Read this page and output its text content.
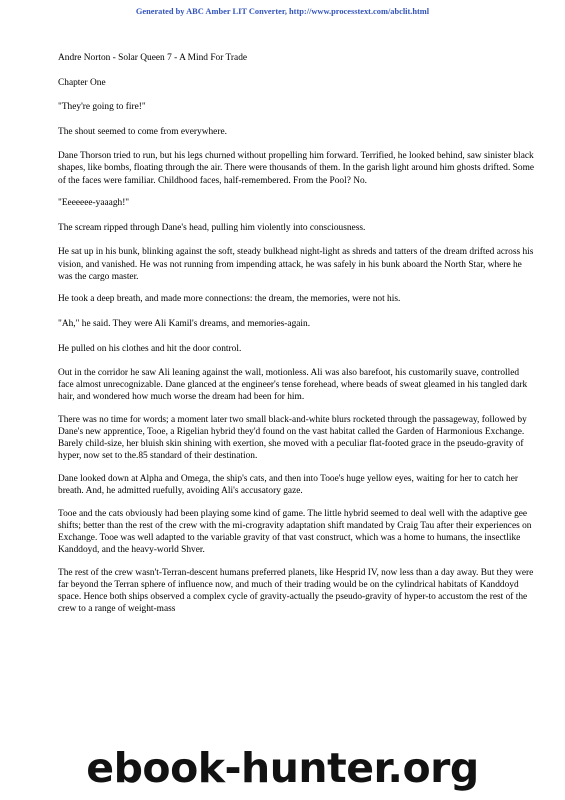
Generated by ABC Amber LIT Converter, http://www.processtext.com/abclit.html

Andre Norton - Solar Queen 7 - A Mind For Trade

Chapter One

"They're going to fire!"

The shout seemed to come from everywhere.

Dane Thorson tried to run, but his legs churned without propelling him forward. Terrified, he looked behind, saw sinister black shapes, like bombs, floating through the air. There were thousands of them. In the garish light around him ghosts drifted. Some of the faces were familiar. Childhood faces, half-remembered. From the Pool? No.

"Eeeeeee-yaaagh!"

The scream ripped through Dane's head, pulling him violently into consciousness.

He sat up in his bunk, blinking against the soft, steady bulkhead night-light as shreds and tatters of the dream drifted across his vision, and vanished. He was not running from impending attack, he was safely in his bunk aboard the North Star, where he was the cargo master.

He took a deep breath, and made more connections: the dream, the memories, were not his.

"Ah," he said. They were Ali Kamil's dreams, and memories-again.

He pulled on his clothes and hit the door control.

Out in the corridor he saw Ali leaning against the wall, motionless. Ali was also barefoot, his customarily suave, controlled face almost unrecognizable. Dane glanced at the engineer's tense forehead, where beads of sweat gleamed in his tangled dark hair, and wondered how much worse the dream had been for him.

There was no time for words; a moment later two small black-and-white blurs rocketed through the passageway, followed by Dane's new apprentice, Tooe, a Rigelian hybrid they'd found on the vast habitat called the Garden of Harmonious Exchange. Barely child-size, her bluish skin shining with exertion, she moved with a peculiar flat-footed grace in the pseudo-gravity of hyper, now set to the.85 standard of their destination.

Dane looked down at Alpha and Omega, the ship's cats, and then into Tooe's huge yellow eyes, waiting for her to catch her breath. And, he admitted ruefully, avoiding Ali's accusatory gaze.

Tooe and the cats obviously had been playing some kind of game. The little hybrid seemed to deal well with the adaptive gee shifts; better than the rest of the crew with the mi-crogravity adaptation shift mandated by Craig Tau after their experiences on Exchange. Tooe was well adapted to the variable gravity of that vast construct, which was a home to humans, the insectlike Kanddoyd, and the heavy-world Shver.

The rest of the crew wasn't-Terran-descent humans preferred planets, like Hesprid IV, now less than a day away. But they were far beyond the Terran sphere of influence now, and much of their trading would be on the cylindrical habitats of Kanddoyd space. Hence both ships observed a complex cycle of gravity-actually the pseudo-gravity of hyper-to accustom the rest of the crew to a range of weight-mass

ebook-hunter.org
